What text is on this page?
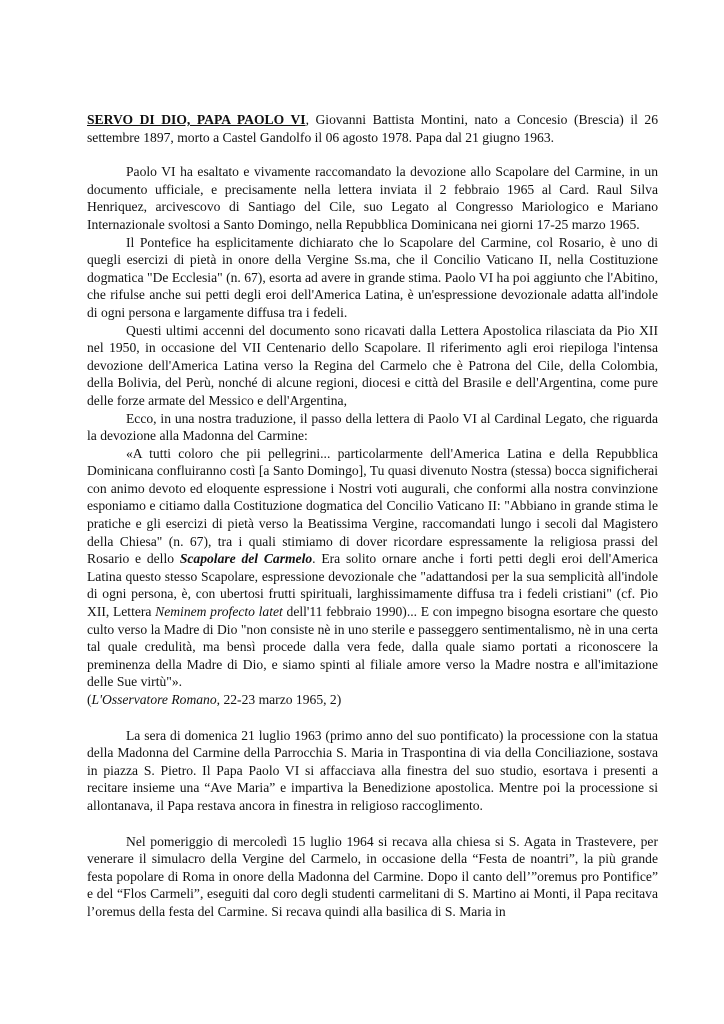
SERVO DI DIO, PAPA PAOLO VI, Giovanni Battista Montini, nato a Concesio (Brescia) il 26 settembre 1897, morto a Castel Gandolfo il 06 agosto 1978. Papa dal 21 giugno 1963.

Paolo VI ha esaltato e vivamente raccomandato la devozione allo Scapolare del Carmine, in un documento ufficiale, e precisamente nella lettera inviata il 2 febbraio 1965 al Card. Raul Silva Henriquez, arcivescovo di Santiago del Cile, suo Legato al Congresso Mariologico e Mariano Internazionale svoltosi a Santo Domingo, nella Repubblica Dominicana nei giorni 17-25 marzo 1965.

Il Pontefice ha esplicitamente dichiarato che lo Scapolare del Carmine, col Rosario, è uno di quegli esercizi di pietà in onore della Vergine Ss.ma, che il Concilio Vaticano II, nella Costituzione dogmatica "De Ecclesia" (n. 67), esorta ad avere in grande stima. Paolo VI ha poi aggiunto che l'Abitino, che rifulse anche sui petti degli eroi dell'America Latina, è un'espressione devozionale adatta all'indole di ogni persona e largamente diffusa tra i fedeli.

Questi ultimi accenni del documento sono ricavati dalla Lettera Apostolica rilasciata da Pio XII nel 1950, in occasione del VII Centenario dello Scapolare. Il riferimento agli eroi riepiloga l'intensa devozione dell'America Latina verso la Regina del Carmelo che è Patrona del Cile, della Colombia, della Bolivia, del Perù, nonché di alcune regioni, diocesi e città del Brasile e dell'Argentina, come pure delle forze armate del Messico e dell'Argentina,

Ecco, in una nostra traduzione, il passo della lettera di Paolo VI al Cardinal Legato, che riguarda la devozione alla Madonna del Carmine:

«A tutti coloro che pii pellegrini... particolarmente dell'America Latina e della Repubblica Dominicana confluiranno costì [a Santo Domingo], Tu quasi divenuto Nostra (stessa) bocca significherai con animo devoto ed eloquente espressione i Nostri voti augurali, che conformi alla nostra convinzione esponiamo e citiamo dalla Costituzione dogmatica del Concilio Vaticano II: "Abbiano in grande stima le pratiche e gli esercizi di pietà verso la Beatissima Vergine, raccomandati lungo i secoli dal Magistero della Chiesa" (n. 67), tra i quali stimiamo di dover ricordare espressamente la religiosa prassi del Rosario e dello Scapolare del Carmelo. Era solito ornare anche i forti petti degli eroi dell'America Latina questo stesso Scapolare, espressione devozionale che "adattandosi per la sua semplicità all'indole di ogni persona, è, con ubertosi frutti spirituali, larghissimamente diffusa tra i fedeli cristiani" (cf. Pio XII, Lettera Neminem profecto latet dell'11 febbraio 1990)... E con impegno bisogna esortare che questo culto verso la Madre di Dio "non consiste nè in uno sterile e passeggero sentimentalismo, nè in una certa tal quale credulità, ma bensì procede dalla vera fede, dalla quale siamo portati a riconoscere la preminenza della Madre di Dio, e siamo spinti al filiale amore verso la Madre nostra e all'imitazione delle Sue virtù"».

(L'Osservatore Romano, 22-23 marzo 1965, 2)

La sera di domenica 21 luglio 1963 (primo anno del suo pontificato) la processione con la statua della Madonna del Carmine della Parrocchia S. Maria in Traspontina di via della Conciliazione, sostava in piazza S. Pietro. Il Papa Paolo VI si affacciava alla finestra del suo studio, esortava i presenti a recitare insieme una “Ave Maria” e impartiva la Benedizione apostolica. Mentre poi la processione si allontanava, il Papa restava ancora in finestra in religioso raccoglimento.

Nel pomeriggio di mercoledì 15 luglio 1964 si recava alla chiesa si S. Agata in Trastevere, per venerare il simulacro della Vergine del Carmelo, in occasione della “Festa de noantri”, la più grande festa popolare di Roma in onore della Madonna del Carmine. Dopo il canto dell’”oremus pro Pontifice” e del “Flos Carmeli”, eseguiti dal coro degli studenti carmelitani di S. Martino ai Monti, il Papa recitava l’oremus della festa del Carmine. Si recava quindi alla basilica di S. Maria in
